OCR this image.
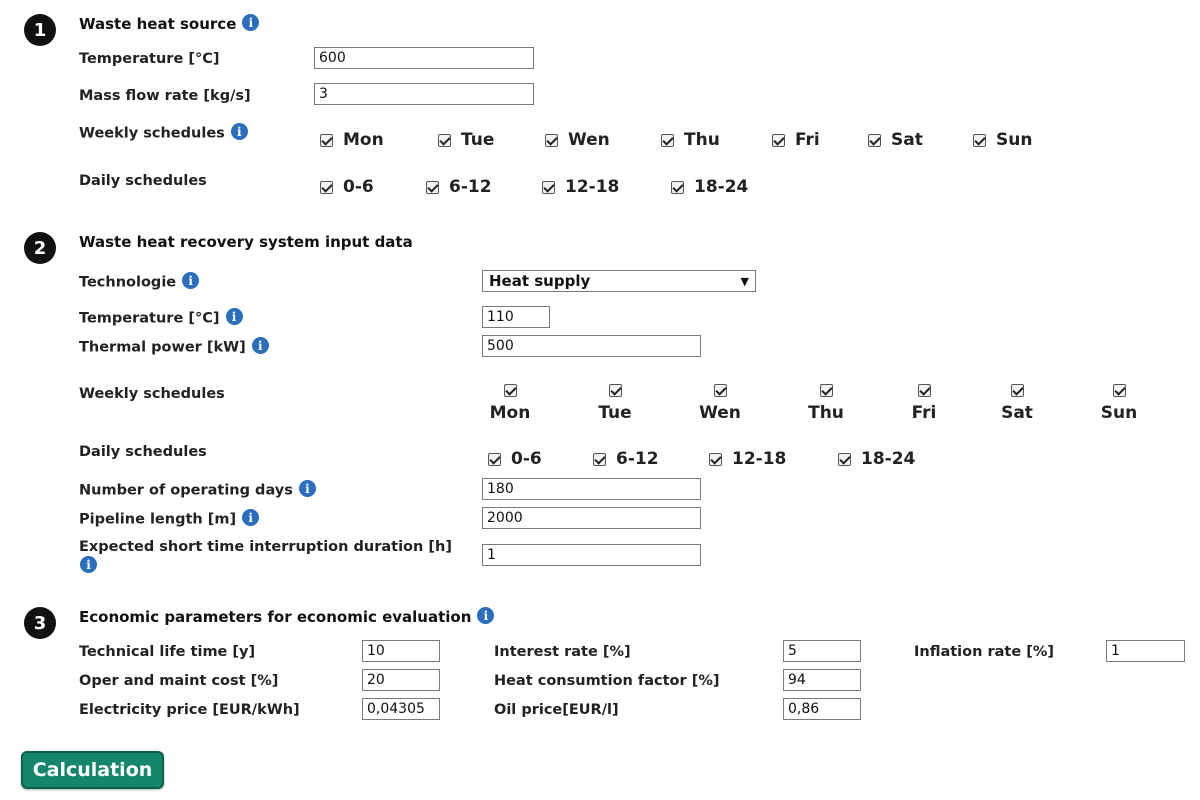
1	Waste heat source i
Temperature [°C]
600
Mass flow rate [kg/s]
3
Weekly schedules i	Mon	Tue	Wen	Thu	Fri	Sat	Sun
Daily schedules	0-6	6-12	12-18	18-24
2	Waste heat recovery system input data
Technologie i	Heat supply	▼
Temperature [°C] i
110
Thermal power [kW] i
500
Weekly schedules
Mon	Tue	Wen	Thu	Fri	Sat	Sun
Daily schedules	0-6	6-12	12-18	18-24
Number of operating days i
180
Pipeline length [m] i
2000
Expected short time interruption duration [h]
i
1
3	Economic parameters for economic evaluation i
Technical life time [y]
10
Oper and maint cost [%]
20
Electricity price [EUR/kWh]
0,04305
Interest rate [%]
5
Heat consumtion factor [%]
94
Oil price[EUR/l]
0,86
Inflation rate [%]
1
Calculation
